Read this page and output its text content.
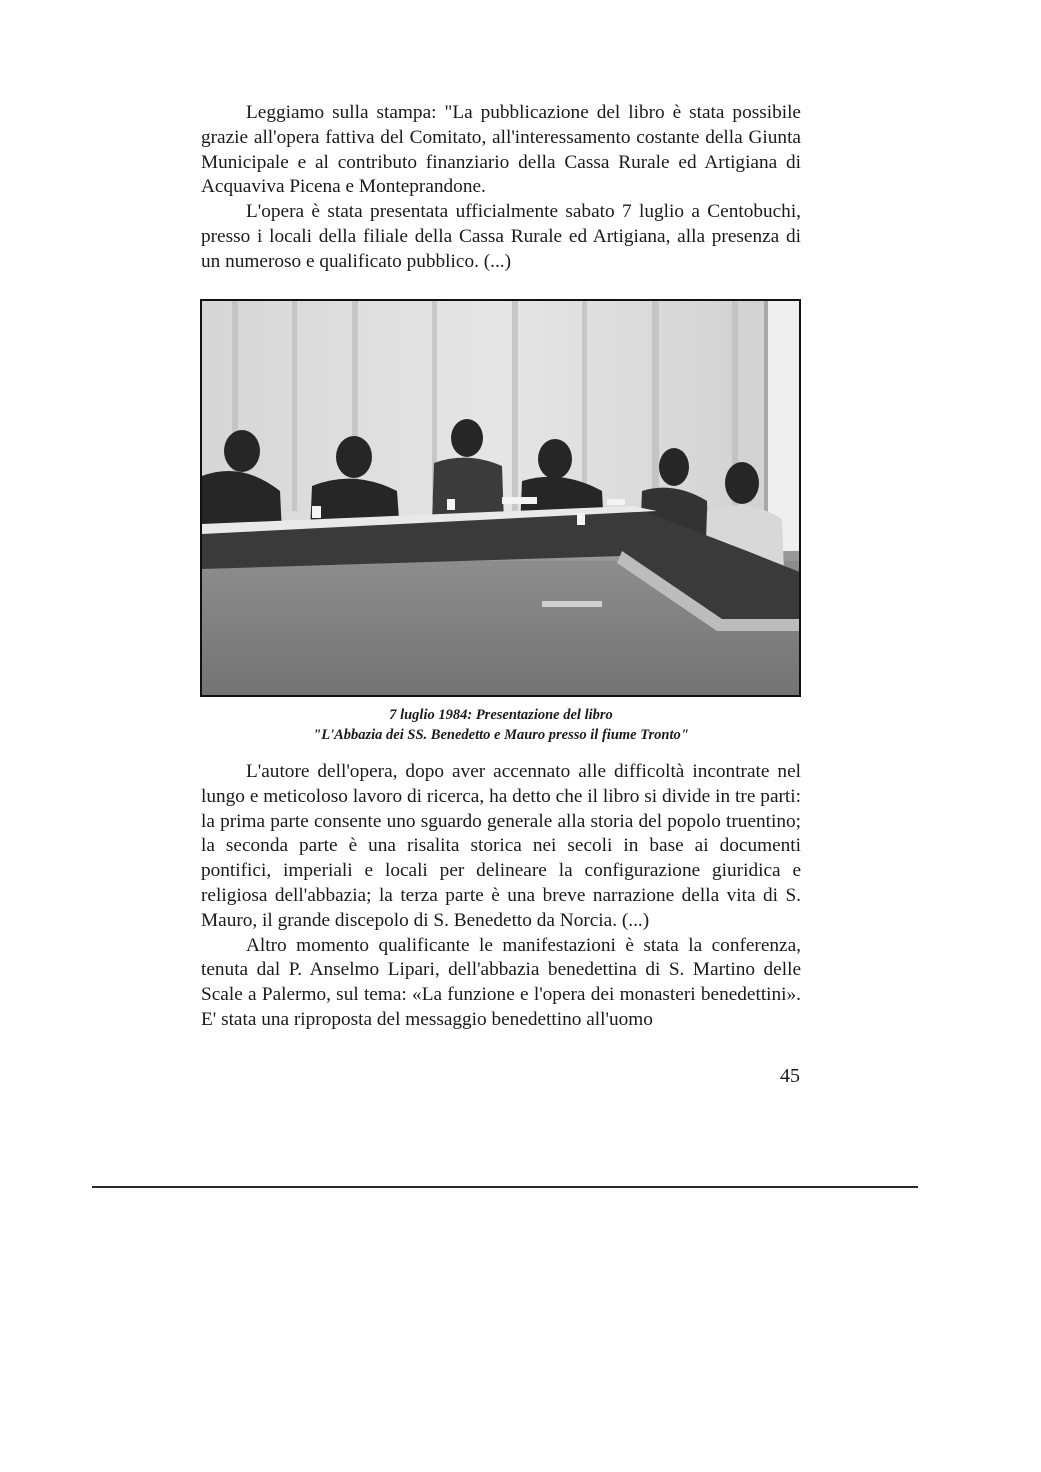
Leggiamo sulla stampa: "La pubblicazione del libro è stata possibile grazie all'opera fattiva del Comitato, all'interessamento costante della Giunta Municipale e al contributo finanziario della Cassa Rurale ed Artigiana di Acquaviva Picena e Monteprandone.

L'opera è stata presentata ufficialmente sabato 7 luglio a Centobuchi, presso i locali della filiale della Cassa Rurale ed Artigiana, alla presenza di un numeroso e qualificato pubblico. (...)

7 luglio 1984: Presentazione del libro
"L'Abbazia dei SS. Benedetto e Mauro presso il fiume Tronto"

L'autore dell'opera, dopo aver accennato alle difficoltà incontrate nel lungo e meticoloso lavoro di ricerca, ha detto che il libro si divide in tre parti: la prima parte consente uno sguardo generale alla storia del popolo truentino; la seconda parte è una risalita storica nei secoli in base ai documenti pontifici, imperiali e locali per delineare la configurazione giuridica e religiosa dell'abbazia; la terza parte è una breve narrazione della vita di S. Mauro, il grande discepolo di S. Benedetto da Norcia. (...)

Altro momento qualificante le manifestazioni è stata la conferenza, tenuta dal P. Anselmo Lipari, dell'abbazia benedettina di S. Martino delle Scale a Palermo, sul tema: «La funzione e l'opera dei monasteri benedettini». E' stata una riproposta del messaggio benedettino all'uomo

45
